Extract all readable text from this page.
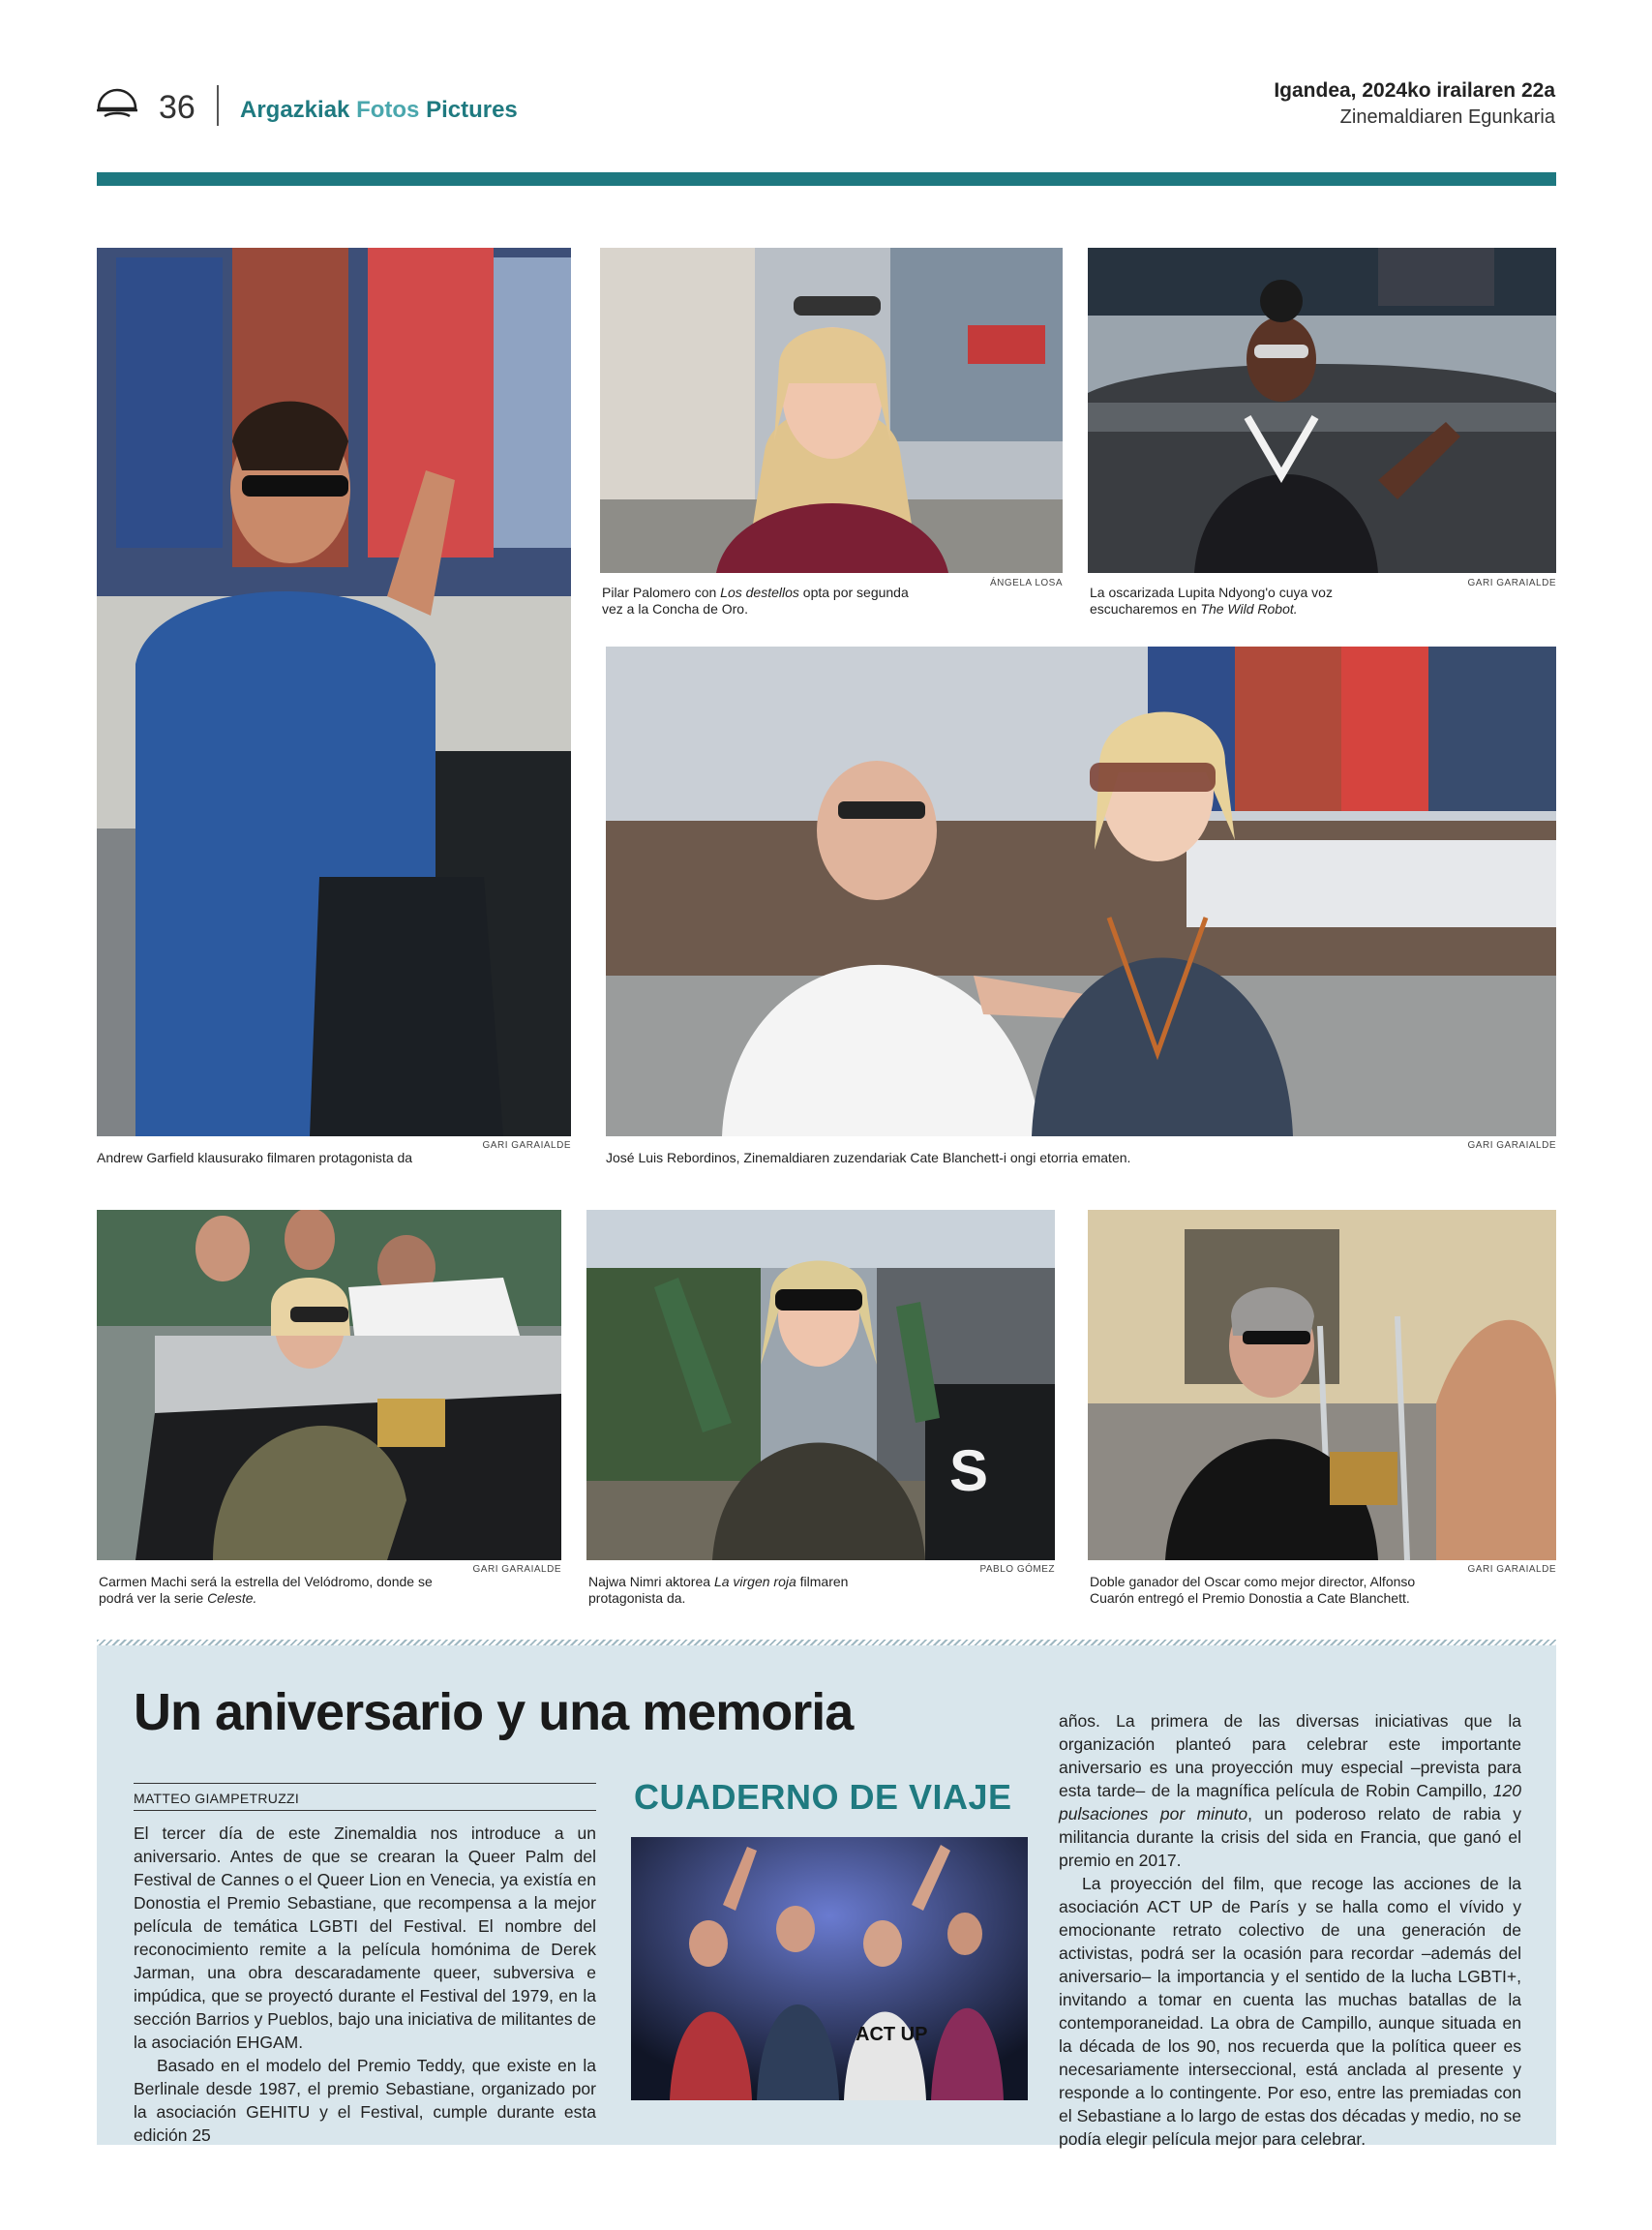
36 Argazkiak Fotos Pictures
Igandea, 2024ko irailaren 22a
Zinemaldiaren Egunkaria
Andrew Garfield klausurako filmaren protagonista da
GARI GARAIALDE
Pilar Palomero con Los destellos opta por segunda vez a la Concha de Oro.
ÁNGELA LOSA
La oscarizada Lupita Ndyong'o cuya voz escucharemos en The Wild Robot.
GARI GARAIALDE
José Luis Rebordinos, Zinemaldiaren zuzendariak Cate Blanchett-i ongi etorria ematen.
GARI GARAIALDE
Carmen Machi será la estrella del Velódromo, donde se podrá ver la serie Celeste.
GARI GARAIALDE
S
Najwa Nimri aktorea La virgen roja filmaren protagonista da.
PABLO GÓMEZ
Doble ganador del Oscar como mejor director, Alfonso Cuarón entregó el Premio Donostia a Cate Blanchett.
GARI GARAIALDE
Un aniversario y una memoria
MATTEO GIAMPETRUZZI

El tercer día de este Zinemaldia nos introduce a un aniversario. Antes de que se crearan la Queer Palm del Festival de Cannes o el Queer Lion en Venecia, ya existía en Donostia el Premio Sebastiane, que recompensa a la mejor película de temática LGBTI del Festival. El nombre del reconocimiento remite a la película homónima de Derek Jarman, una obra descaradamente queer, subversiva e impúdica, que se proyectó durante el Festival del 1979, en la sección Barrios y Pueblos, bajo una iniciativa de militantes de la asociación EHGAM.

Basado en el modelo del Premio Teddy, que existe en la Berlinale desde 1987, el premio Sebastiane, organizado por la asociación GEHITU y el Festival, cumple durante esta edición 25

CUADERNO DE VIAJE
ACT UP

años. La primera de las diversas iniciativas que la organización planteó para celebrar este importante aniversario es una proyección muy especial –prevista para esta tarde– de la magnífica película de Robin Campillo, 120 pulsaciones por minuto, un poderoso relato de rabia y militancia durante la crisis del sida en Francia, que ganó el premio en 2017.

La proyección del film, que recoge las acciones de la asociación ACT UP de París y se halla como el vívido y emocionante retrato colectivo de una generación de activistas, podrá ser la ocasión para recordar –además del aniversario– la importancia y el sentido de la lucha LGBTI+, invitando a tomar en cuenta las muchas batallas de la contemporaneidad. La obra de Campillo, aunque situada en la década de los 90, nos recuerda que la política queer es necesariamente interseccional, está anclada al presente y responde a lo contingente. Por eso, entre las premiadas con el Sebastiane a lo largo de estas dos décadas y medio, no se podía elegir película mejor para celebrar.
